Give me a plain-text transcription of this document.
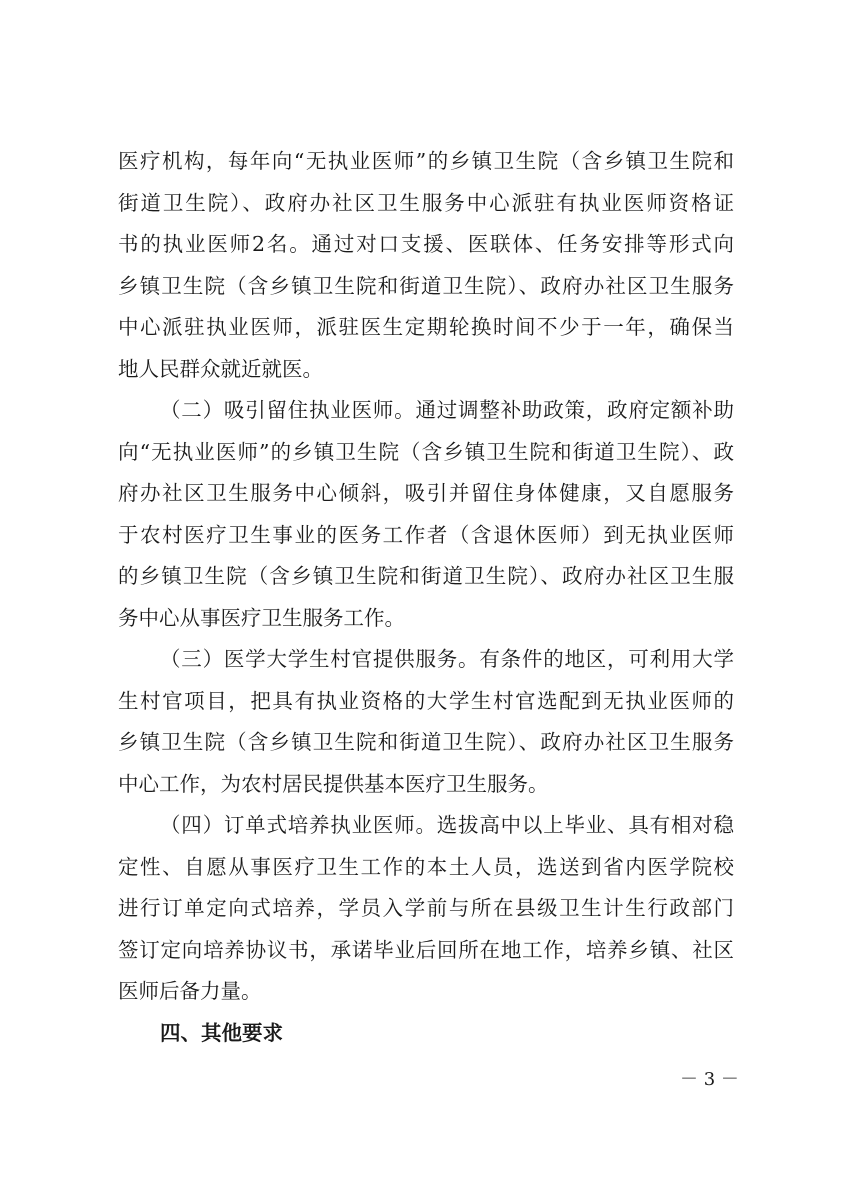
医疗机构，每年向“无执业医师”的乡镇卫生院（含乡镇卫生院和
街道卫生院）、政府办社区卫生服务中心派驻有执业医师资格证
书的执业医师2名。通过对口支援、医联体、任务安排等形式向
乡镇卫生院（含乡镇卫生院和街道卫生院）、政府办社区卫生服务
中心派驻执业医师，派驻医生定期轮换时间不少于一年，确保当
地人民群众就近就医。
（二）吸引留住执业医师。通过调整补助政策，政府定额补助
向“无执业医师”的乡镇卫生院（含乡镇卫生院和街道卫生院）、政
府办社区卫生服务中心倾斜，吸引并留住身体健康，又自愿服务
于农村医疗卫生事业的医务工作者（含退休医师）到无执业医师
的乡镇卫生院（含乡镇卫生院和街道卫生院）、政府办社区卫生服
务中心从事医疗卫生服务工作。
（三）医学大学生村官提供服务。有条件的地区，可利用大学
生村官项目，把具有执业资格的大学生村官选配到无执业医师的
乡镇卫生院（含乡镇卫生院和街道卫生院）、政府办社区卫生服务
中心工作，为农村居民提供基本医疗卫生服务。
（四）订单式培养执业医师。选拔高中以上毕业、具有相对稳
定性、自愿从事医疗卫生工作的本土人员，选送到省内医学院校
进行订单定向式培养，学员入学前与所在县级卫生计生行政部门
签订定向培养协议书，承诺毕业后回所在地工作，培养乡镇、社区
医师后备力量。
四、其他要求
－ 3 －
